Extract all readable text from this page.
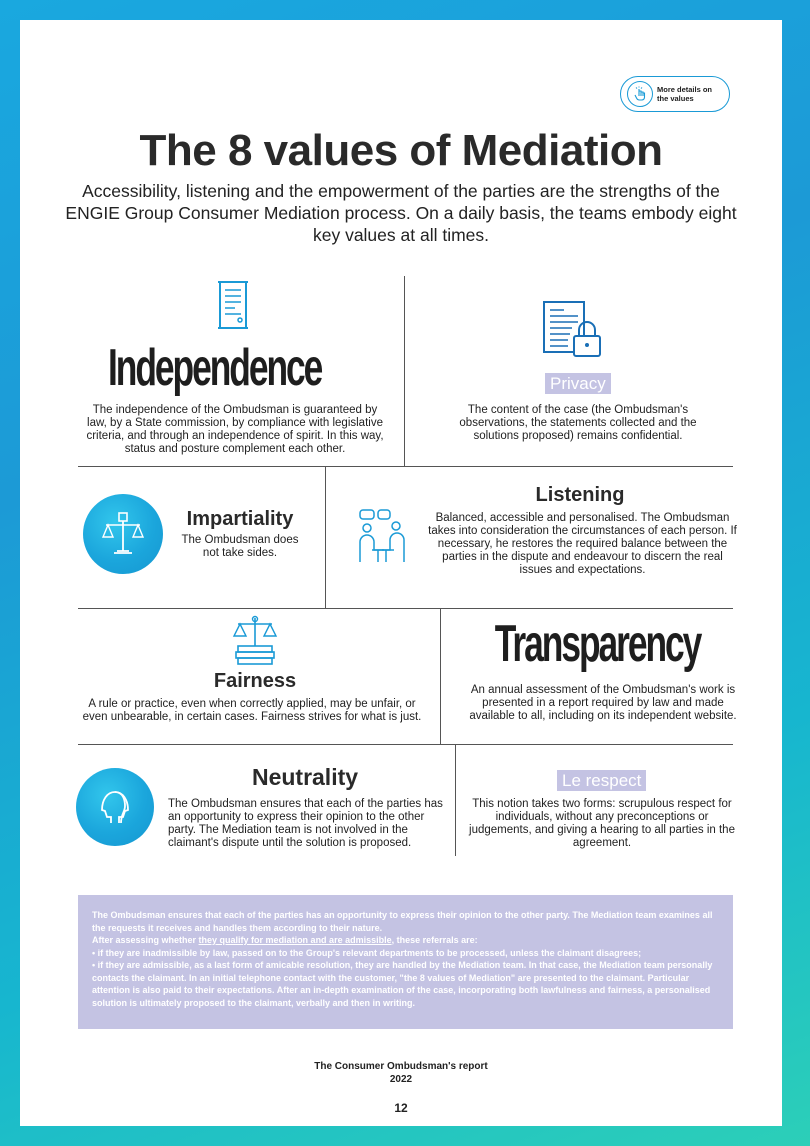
More details on
the values
The 8 values of Mediation
Accessibility, listening and the empowerment of the parties are the strengths of the ENGIE Group Consumer Mediation process. On a daily basis, the teams embody eight key values at all times.
Independence
The independence of the Ombudsman is guaranteed by law, by a State commission, by compliance with legislative criteria, and through an independence of spirit. In this way, status and posture complement each other.
Privacy
The content of the case (the Ombudsman's observations, the statements collected and the solutions proposed) remains confidential.
Impartiality
The Ombudsman does not take sides.
Listening
Balanced, accessible and personalised. The Ombudsman takes into consideration the circumstances of each person. If necessary, he restores the required balance between the parties in the dispute and endeavour to discern the real issues and expectations.
Fairness
A rule or practice, even when correctly applied, may be unfair, or even unbearable, in certain cases. Fairness strives for what is just.
Transparency
An annual assessment of the Ombudsman's work is presented in a report required by law and made available to all, including on its independent website.
Neutrality
The Ombudsman ensures that each of the parties has an opportunity to express their opinion to the other party. The Mediation team is not involved in the claimant's dispute until the solution is proposed.
Le respect
This notion takes two forms: scrupulous respect for individuals, without any preconceptions or judgements, and giving a hearing to all parties in the agreement.
The Ombudsman ensures that each of the parties has an opportunity to express their opinion to the other party. The Mediation team examines all the requests it receives and handles them according to their nature.
After assessing whether they qualify for mediation and are admissible, these referrals are:
• if they are inadmissible by law, passed on to the Group's relevant departments to be processed, unless the claimant disagrees;
• if they are admissible, as a last form of amicable resolution, they are handled by the Mediation team. In that case, the Mediation team personally contacts the claimant. In an initial telephone contact with the customer, "the 8 values of Mediation" are presented to the claimant. Particular attention is also paid to their expectations. After an in-depth examination of the case, incorporating both lawfulness and fairness, a personalised solution is ultimately proposed to the claimant, verbally and then in writing.
The Consumer Ombudsman's report
2022
12
